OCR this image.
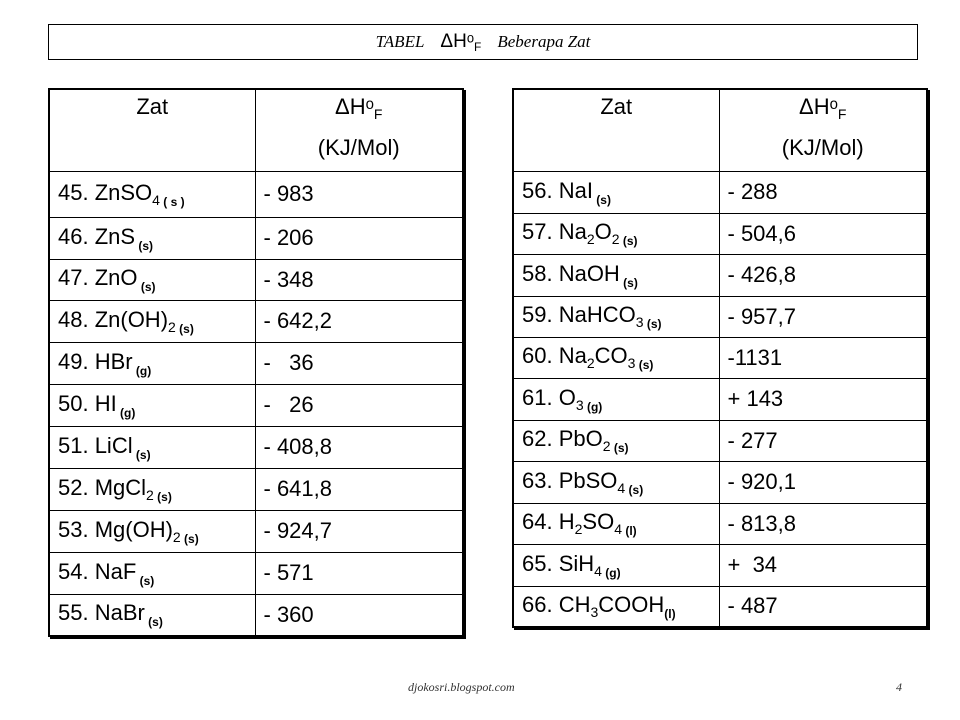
TABEL ΔHᵒ$_F$ Beberapa Zat
Zat	ΔHᵒ$_F$
(KJ/Mol)

45. ZnSO$_4$ $_{( s )}$	- 983
46. ZnS $_{(s)}$	- 206
47. ZnO $_{(s)}$	- 348
48. $Zn(OH)_2$ $_{(s)}$	- 642,2
49. HBr $_{(g)}$	-   36
50. HI $_{(g)}$	-   26
51. LiCl $_{(s)}$	- 408,8
52. MgCl$_2$ $_{(s)}$	- 641,8
53. $Mg(OH)_2$ $_{(s)}$	- 924,7
54. NaF $_{(s)}$	- 571
55. NaBr $_{(s)}$	- 360
Zat	ΔHᵒ$_F$
(KJ/Mol)

56. NaI $_{(s)}$	- 288
57. $Na_2O_2$ $_{(s)}$	- 504,6
58. NaOH $_{(s)}$	- 426,8
59. NaHCO$_3$ $_{(s)}$	- 957,7
60. $Na_2CO_3$ $_{(s)}$	-1131
61. $O_3$ $_{(g)}$	+ 143
62. PbO$_2$ $_{(s)}$	- 277
63. PbSO$_4$ $_{(s)}$	- 920,1
64. $H_2SO_4$ $_{(l)}$	- 813,8
65. SiH$_4$ $_{(g)}$	+  34
66. $CH_3COOH_{(l)}$	- 487
djokosri.blogspot.com	4
